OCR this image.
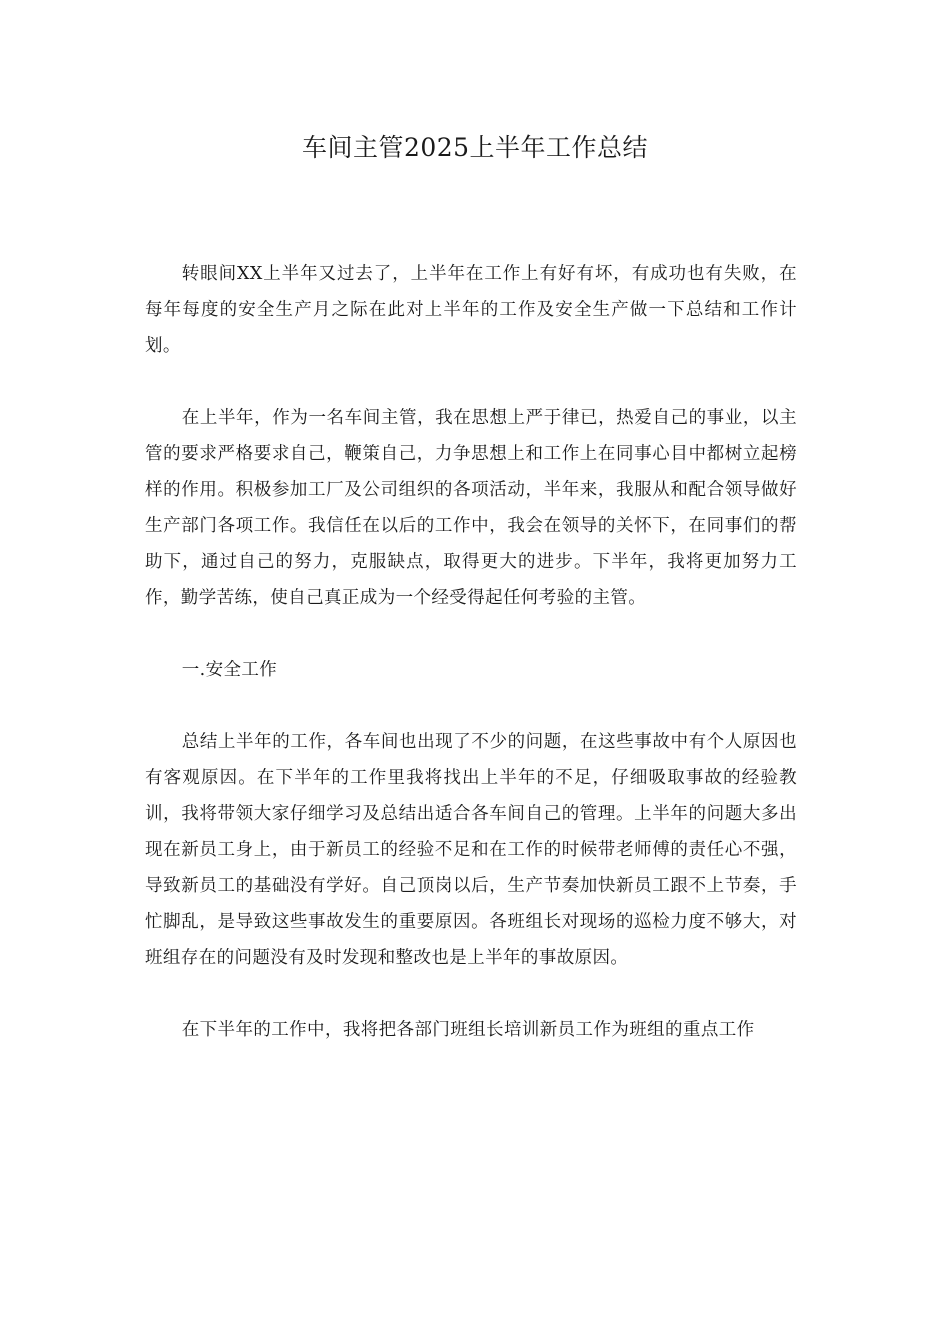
车间主管2025上半年工作总结

转眼间XX上半年又过去了，上半年在工作上有好有坏，有成功也有失败，在每年每度的安全生产月之际在此对上半年的工作及安全生产做一下总结和工作计划。

在上半年，作为一名车间主管，我在思想上严于律已，热爱自己的事业，以主管的要求严格要求自己，鞭策自己，力争思想上和工作上在同事心目中都树立起榜样的作用。积极参加工厂及公司组织的各项活动，半年来，我服从和配合领导做好生产部门各项工作。我信任在以后的工作中，我会在领导的关怀下，在同事们的帮助下，通过自己的努力，克服缺点，取得更大的进步。下半年，我将更加努力工作，勤学苦练，使自己真正成为一个经受得起任何考验的主管。

一.安全工作

总结上半年的工作，各车间也出现了不少的问题，在这些事故中有个人原因也有客观原因。在下半年的工作里我将找出上半年的不足，仔细吸取事故的经验教训，我将带领大家仔细学习及总结出适合各车间自己的管理。上半年的问题大多出现在新员工身上，由于新员工的经验不足和在工作的时候带老师傅的责任心不强，导致新员工的基础没有学好。自己顶岗以后，生产节奏加快新员工跟不上节奏，手忙脚乱，是导致这些事故发生的重要原因。各班组长对现场的巡检力度不够大，对班组存在的问题没有及时发现和整改也是上半年的事故原因。

在下半年的工作中，我将把各部门班组长培训新员工作为班组的重点工作
